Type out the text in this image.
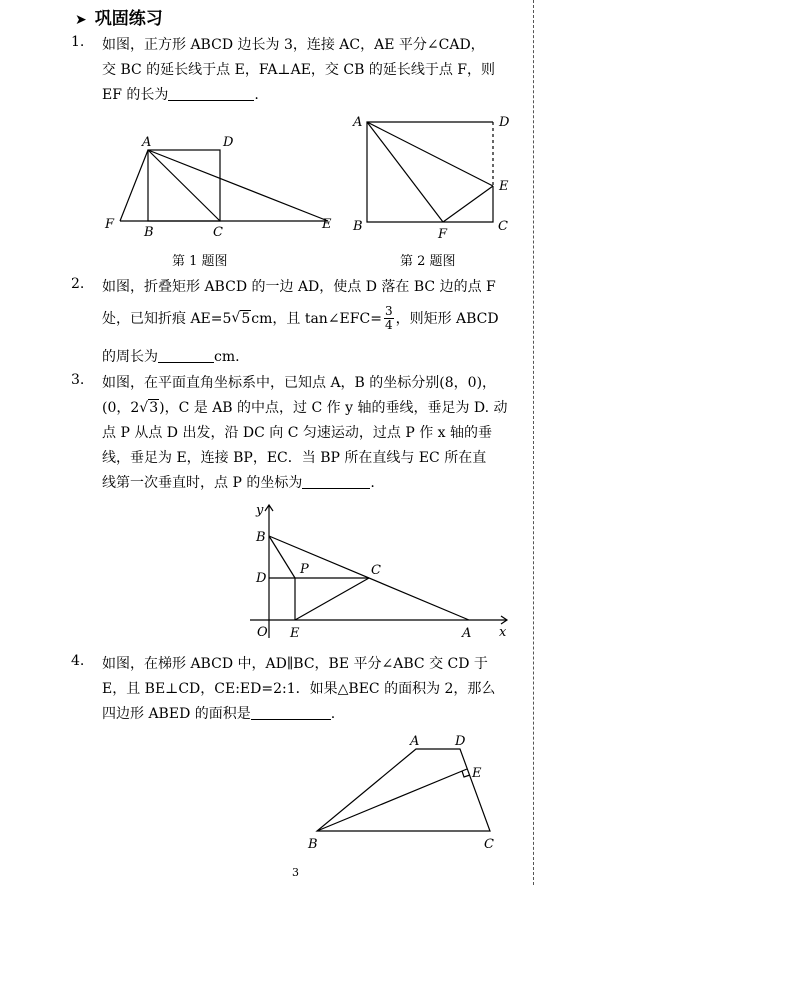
➤ 巩固练习
1. 如图，正方形 ABCD 边长为 3，连接 AC，AE 平分∠CAD，
交 BC 的延长线于点 E，FA⊥AE，交 CB 的延长线于点 F，则
EF 的长为	.
A	D
F
B	C
E
第 1 题图
A	D
E
B
F
C
第 2 题图
2. 如图，折叠矩形 ABCD 的一边 AD，使点 D 落在 BC 边的点 F
处，已知折痕 AE=5 √ 5 cm，且 tan∠EFC= $\frac{3}{4}$ ，则矩形 ABCD
的周长为	cm.
3. 如图，在平面直角坐标系中，已知点 A，B 的坐标分别(8，0)，
(0，2√3)，C 是 AB 的中点，过 C 作 y 轴的垂线，垂足为 D. 动
点 P 从点 D 出发，沿 DC 向 C 匀速运动，过点 P 作 x 轴的垂
线，垂足为 E，连接 BP，EC．当 BP 所在直线与 EC 所在直
线第一次垂直时，点 P 的坐标为	.
y
x
B
D
P	C
O E	A
4. 如图，在梯形 ABCD 中，AD∥BC，BE 平分∠ABC 交 CD 于
E，且 BE⊥CD，CE:ED=2:1．如果△BEC 的面积为 2，那么
四边形 ABED 的面积是	.
A	D
E
B	C
3
